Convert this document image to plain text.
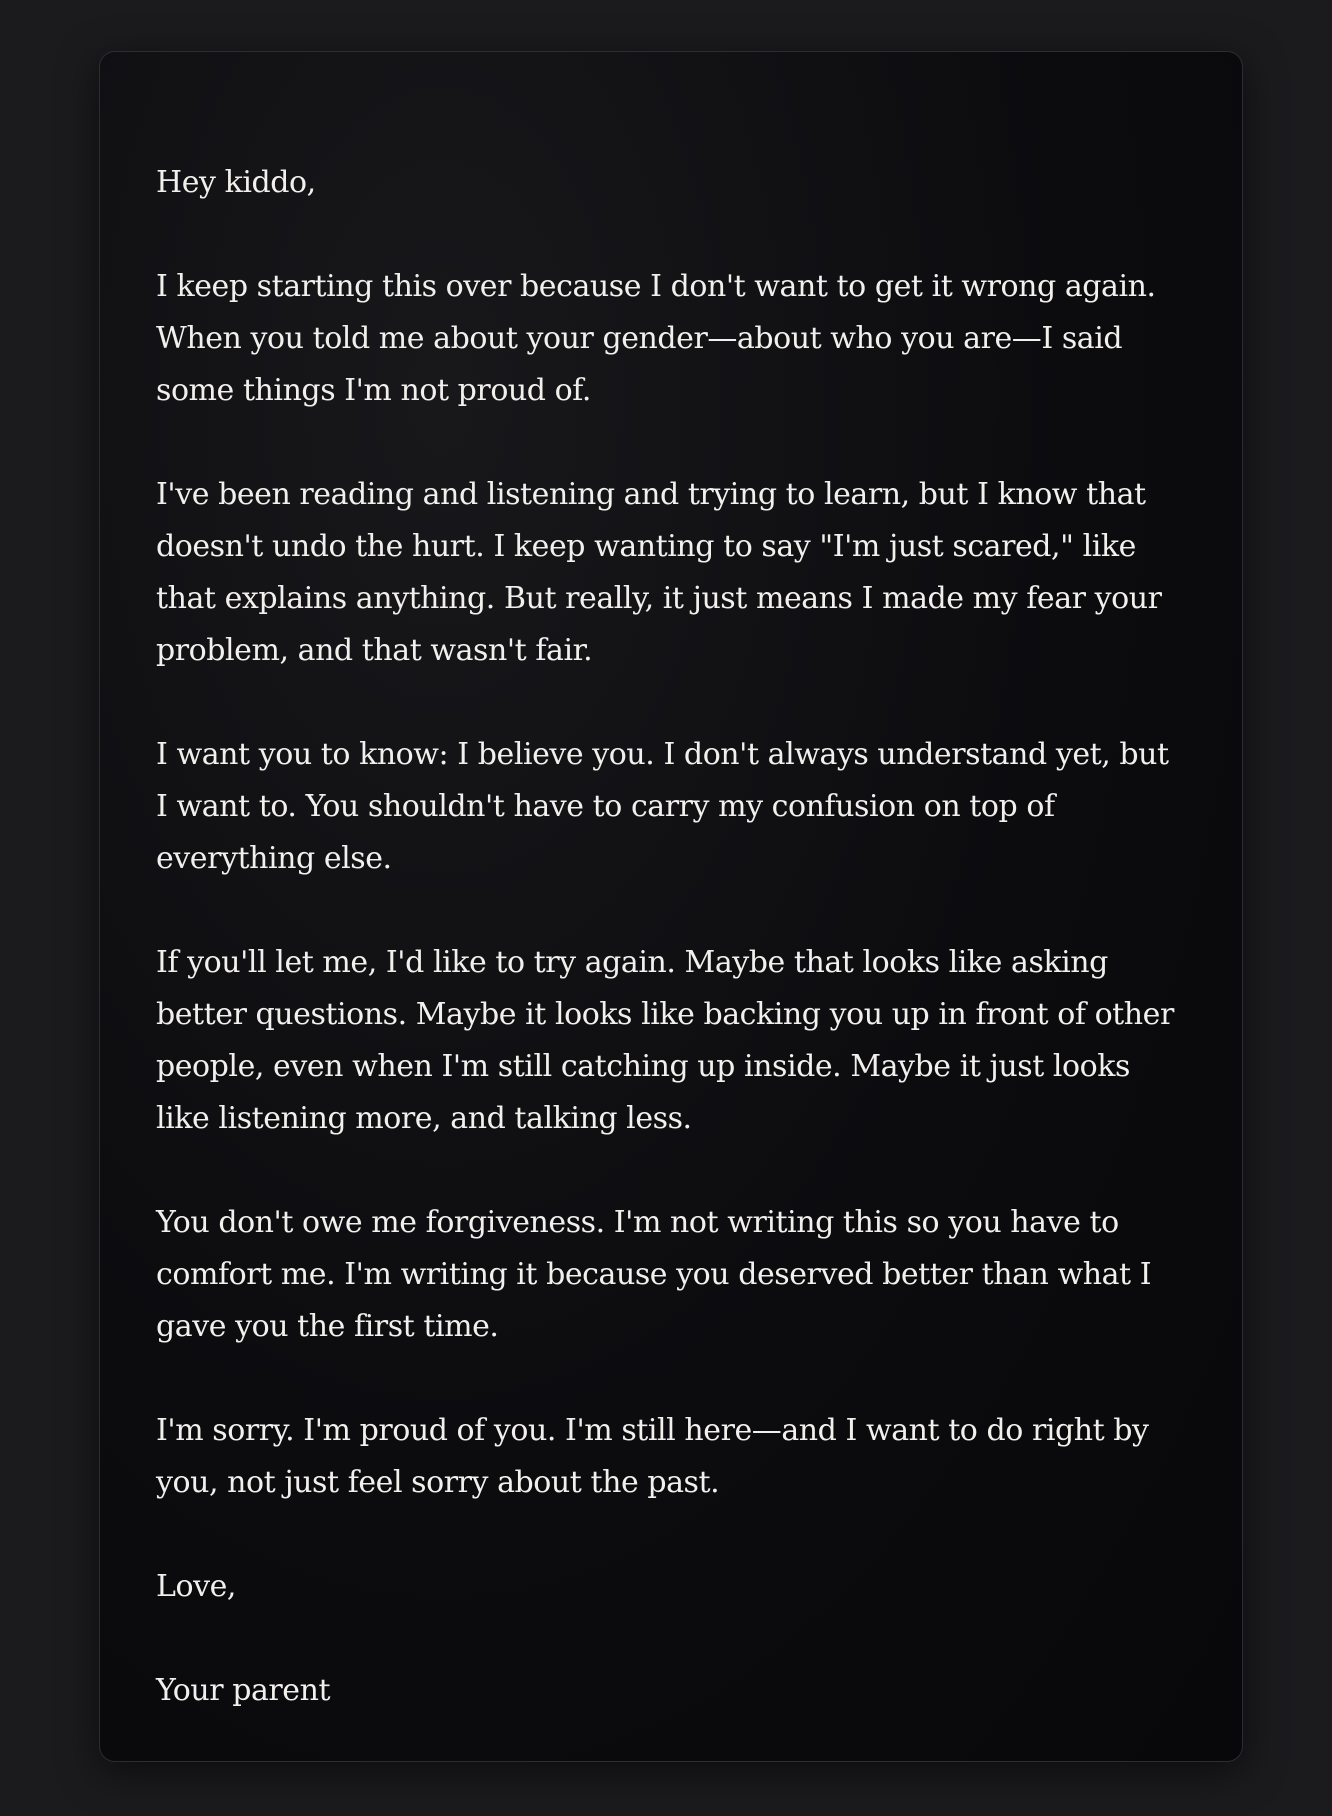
Hey kiddo,

I keep starting this over because I don't want to get it wrong again. When you told me about your gender—about who you are—I said some things I'm not proud of.

I've been reading and listening and trying to learn, but I know that doesn't undo the hurt. I keep wanting to say "I'm just scared," like that explains anything. But really, it just means I made my fear your problem, and that wasn't fair.

I want you to know: I believe you. I don't always understand yet, but I want to. You shouldn't have to carry my confusion on top of everything else.

If you'll let me, I'd like to try again. Maybe that looks like asking better questions. Maybe it looks like backing you up in front of other people, even when I'm still catching up inside. Maybe it just looks like listening more, and talking less.

You don't owe me forgiveness. I'm not writing this so you have to comfort me. I'm writing it because you deserved better than what I gave you the first time.

I'm sorry. I'm proud of you. I'm still here—and I want to do right by you, not just feel sorry about the past.

Love,

Your parent
